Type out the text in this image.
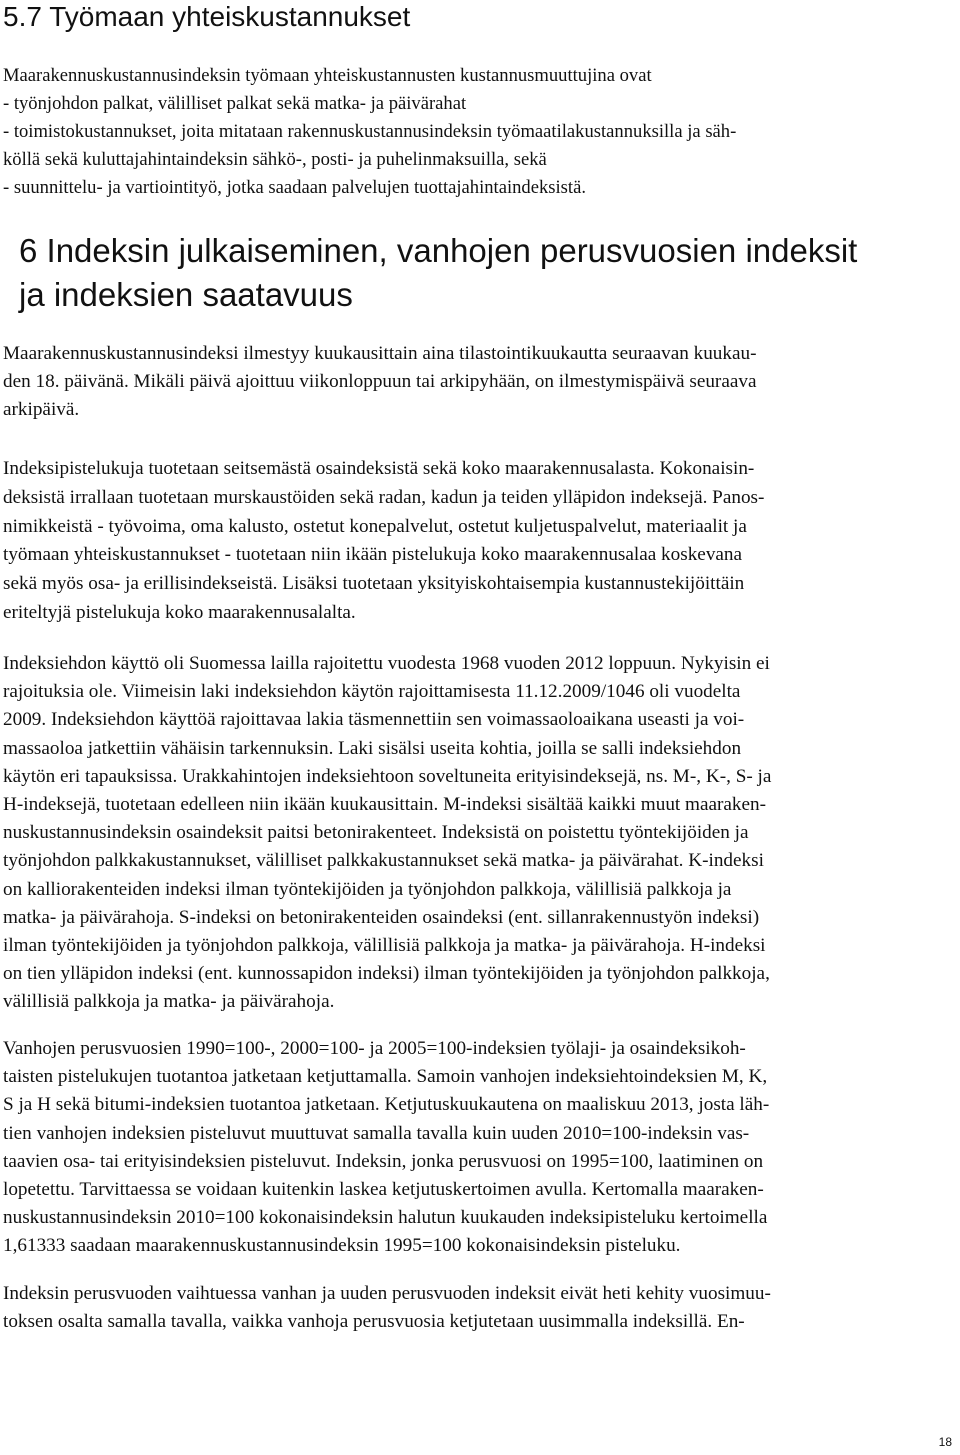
5.7 Työmaan yhteiskustannukset
Maarakennuskustannusindeksin työmaan yhteiskustannusten kustannusmuuttujina ovat
- työnjohdon palkat, välilliset palkat sekä matka- ja päivärahat
- toimistokustannukset, joita mitataan rakennuskustannusindeksin työmaatilakustannuksilla ja säh-
köllä sekä kuluttajahintaindeksin sähkö-, posti- ja puhelinmaksuilla, sekä
- suunnittelu- ja vartiointityö, jotka saadaan palvelujen tuottajahintaindeksistä.
6 Indeksin julkaiseminen, vanhojen perusvuosien indeksit
ja indeksien saatavuus
Maarakennuskustannusindeksi ilmestyy kuukausittain aina tilastointikuukautta seuraavan kuukau-
den 18. päivänä. Mikäli päivä ajoittuu viikonloppuun tai arkipyhään, on ilmestymispäivä seuraava
arkipäivä.
Indeksipistelukuja tuotetaan seitsemästä osaindeksistä sekä koko maarakennusalasta. Kokonaisin-
deksistä irrallaan tuotetaan murskaustöiden sekä radan, kadun ja teiden ylläpidon indeksejä. Panos-
nimikkeistä - työvoima, oma kalusto, ostetut konepalvelut, ostetut kuljetuspalvelut, materiaalit ja
työmaan yhteiskustannukset - tuotetaan niin ikään pistelukuja koko maarakennusalaa koskevana
sekä myös osa- ja erillisindekseistä. Lisäksi tuotetaan yksityiskohtaisempia kustannustekijöittäin
eriteltyjä pistelukuja koko maarakennusalalta.
Indeksiehdon käyttö oli Suomessa lailla rajoitettu vuodesta 1968 vuoden 2012 loppuun. Nykyisin ei
rajoituksia ole. Viimeisin laki indeksiehdon käytön rajoittamisesta 11.12.2009/1046 oli vuodelta
2009. Indeksiehdon käyttöä rajoittavaa lakia täsmennettiin sen voimassaoloaikana useasti ja voi-
massaoloa jatkettiin vähäisin tarkennuksin. Laki sisälsi useita kohtia, joilla se salli indeksiehdon
käytön eri tapauksissa. Urakkahintojen indeksiehtoon soveltuneita erityisindeksejä, ns. M-, K-, S- ja
H-indeksejä, tuotetaan edelleen niin ikään kuukausittain. M-indeksi sisältää kaikki muut maaraken-
nuskustannusindeksin osaindeksit paitsi betonirakenteet. Indeksistä on poistettu työntekijöiden ja
työnjohdon palkkakustannukset, välilliset palkkakustannukset sekä matka- ja päivärahat. K-indeksi
on kalliorakenteiden indeksi ilman työntekijöiden ja työnjohdon palkkoja, välillisiä palkkoja ja
matka- ja päivärahoja. S-indeksi on betonirakenteiden osaindeksi (ent. sillanrakennustyön indeksi)
ilman työntekijöiden ja työnjohdon palkkoja, välillisiä palkkoja ja matka- ja päivärahoja. H-indeksi
on tien ylläpidon indeksi (ent. kunnossapidon indeksi) ilman työntekijöiden ja työnjohdon palkkoja,
välillisiä palkkoja ja matka- ja päivärahoja.
Vanhojen perusvuosien 1990=100-, 2000=100- ja 2005=100-indeksien työlaji- ja osaindeksikoh-
taisten pistelukujen tuotantoa jatketaan ketjuttamalla. Samoin vanhojen indeksiehtoindeksien M, K,
S ja H sekä bitumi-indeksien tuotantoa jatketaan. Ketjutuskuukautena on maaliskuu 2013, josta läh-
tien vanhojen indeksien pisteluvut muuttuvat samalla tavalla kuin uuden 2010=100-indeksin vas-
taavien osa- tai erityisindeksien pisteluvut. Indeksin, jonka perusvuosi on 1995=100, laatiminen on
lopetettu. Tarvittaessa se voidaan kuitenkin laskea ketjutuskertoimen avulla. Kertomalla maaraken-
nuskustannusindeksin 2010=100 kokonaisindeksin halutun kuukauden indeksipisteluku kertoimella
1,61333 saadaan maarakennuskustannusindeksin 1995=100 kokonaisindeksin pisteluku.
Indeksin perusvuoden vaihtuessa vanhan ja uuden perusvuoden indeksit eivät heti kehity vuosimuu-
toksen osalta samalla tavalla, vaikka vanhoja perusvuosia ketjutetaan uusimmalla indeksillä. En-
18
